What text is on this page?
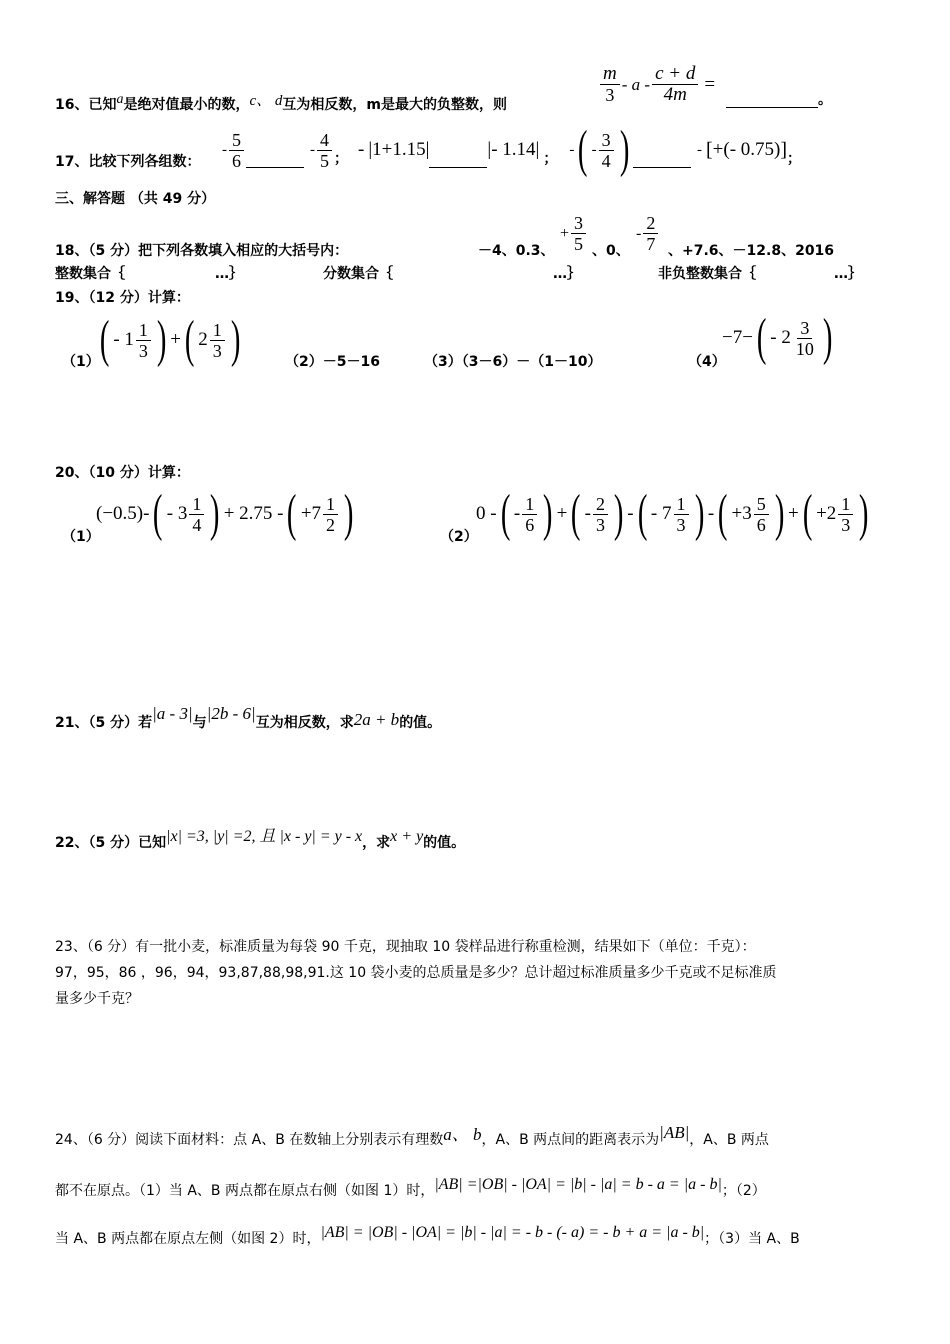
16、已知a是绝对值最小的数，c、 d互为相反数，m是最大的负整数，则
m
3
- a - $\frac{c + d}{4m}$ =
。
17、比较下列各组数：
- $\frac{5}{6}$	- $\frac{4}{5}$ ； - |1+1.15|	|- 1.14| ；
- ( - $\frac{3}{4}$ )	- [ +(- 0.75) ] ；
三、解答题 （共 49 分）
18、（5 分）把下列各数填入相应的大括号内：	－4、0.3、
+ $\frac{3}{5}$ 、0、
- $\frac{2}{7}$ 、+7.6、－12.8、2016
整数集合｛	…｝	分数集合｛	…｝	非负整数集合｛	…｝
19、（12 分）计算：
（1） ( - 1 1
3 ) + ( 2 1
3 )	（2）－5－16	（3）（3－6）－（1－10）	（4）
−7− ( - 2 3
10 )
20、（10 分）计算：
（1）
(−0.5)- ( - 3 1
4 ) + 2.75 - ( +7 1
2 )	（2）
0 - ( - 1
6 ) + ( - 2
3 ) - ( - 7 1
3 ) - ( +3 5
6 ) + ( +2 1
3 )
21、（5 分）若|a - 3|与|2b - 6|互为相反数，求2a + b的值。
22、（5 分）已知|x| =3, |y| =2, 且 |x - y| = y - x，求x + y的值。
23、（6 分）有一批小麦，标准质量为每袋 90 千克，现抽取 10 袋样品进行称重检测，结果如下（单位：千克）：
97，95，86 ，96，94，93,87,88,98,91.这 10 袋小麦的总质量是多少？总计超过标准质量多少千克或不足标准质
量多少千克？
24、（6 分）阅读下面材料：点 A、B 在数轴上分别表示有理数a、 b，A、B 两点间的距离表示为|AB|，A、B 两点
都不在原点。（1）当 A、B 两点都在原点右侧（如图 1）时，|AB| =|OB| - |OA| = |b| - |a| = b - a = |a - b|；（2）
当 A、B 两点都在原点左侧（如图 2）时，|AB| = |OB| - |OA| = |b| - |a| = - b - (- a) = - b + a = |a - b|；（3）当 A、B
